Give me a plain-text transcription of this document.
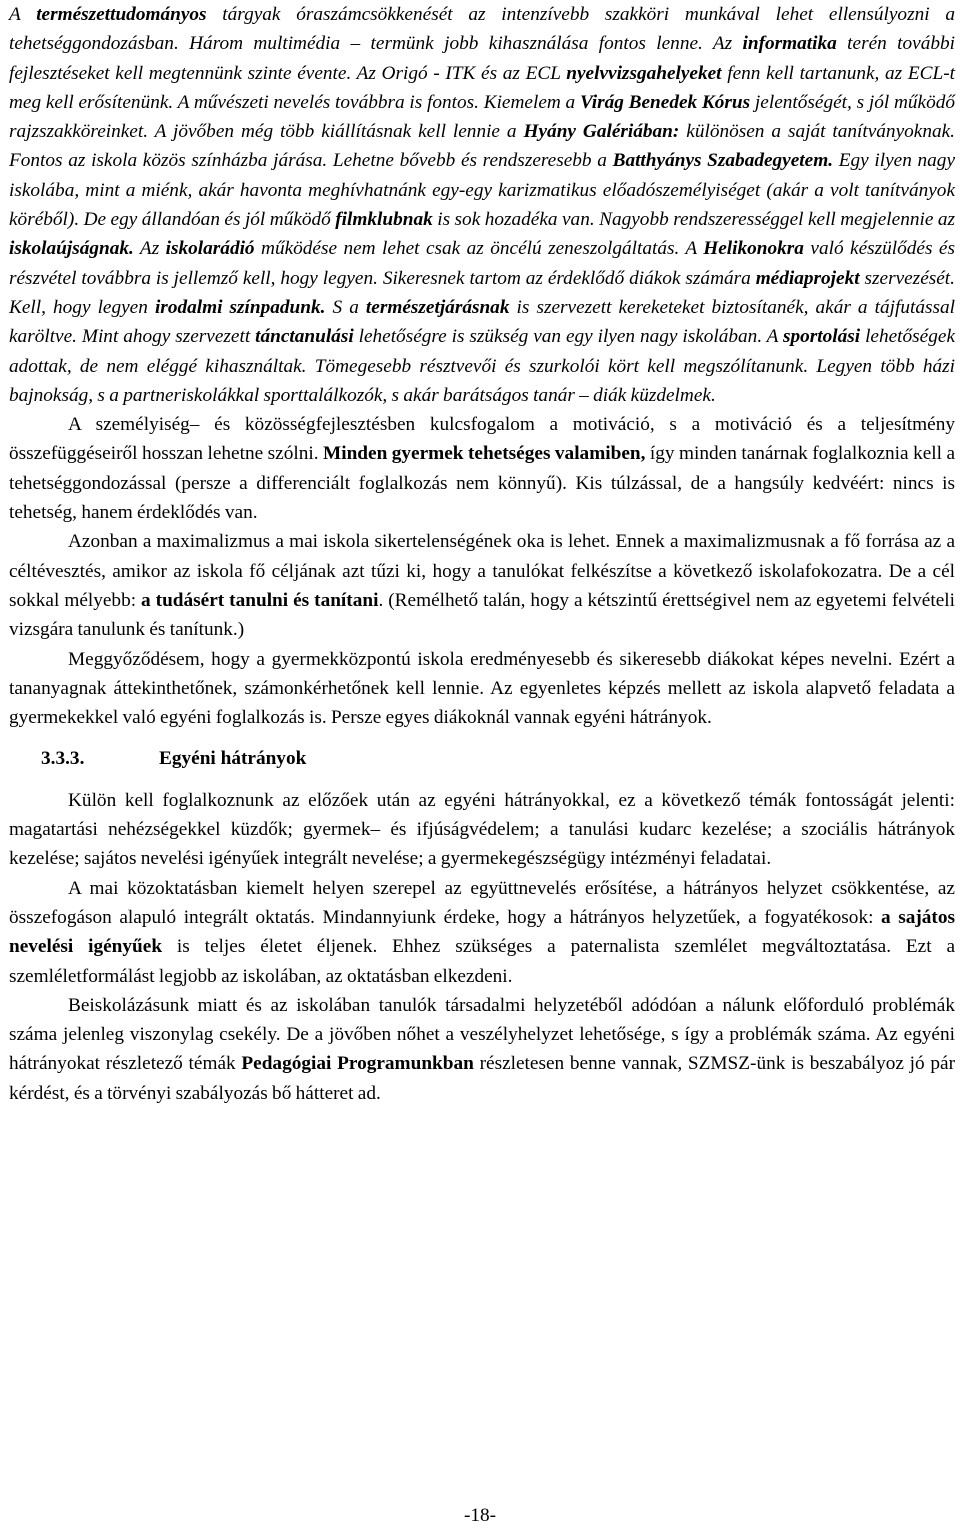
A természettudományos tárgyak óraszámcsökkenését az intenzívebb szakköri munkával lehet ellensúlyozni a tehetséggondozásban. Három multimédia – termünk jobb kihasználása fontos lenne. Az informatika terén további fejlesztéseket kell megtennünk szinte évente. Az Origó - ITK és az ECL nyelvvizsgahelyeket fenn kell tartanunk, az ECL-t meg kell erősítenünk. A művészeti nevelés továbbra is fontos. Kiemelem a Virág Benedek Kórus jelentőségét, s jól működő rajzszakköreinket. A jövőben még több kiállításnak kell lennie a Hyány Galériában: különösen a saját tanítványoknak. Fontos az iskola közös színházba járása. Lehetne bővebb és rendszeresebb a Batthyánys Szabadegyetem. Egy ilyen nagy iskolába, mint a miénk, akár havonta meghívhatnánk egy-egy karizmatikus előadószemélyiséget (akár a volt tanítványok köréből). De egy állandóan és jól működő filmklubnak is sok hozadéka van. Nagyobb rendszerességgel kell megjelennie az iskolaújságnak. Az iskolarádió működése nem lehet csak az öncélú zeneszolgáltatás. A Helikonokra való készülődés és részvétel továbbra is jellemző kell, hogy legyen. Sikeresnek tartom az érdeklődő diákok számára médiaprojekt szervezését. Kell, hogy legyen irodalmi színpadunk. S a természetjárásnak is szervezett kereketeket biztosítanék, akár a tájfutással karöltve. Mint ahogy szervezett tánctanulási lehetőségre is szükség van egy ilyen nagy iskolában. A sportolási lehetőségek adottak, de nem eléggé kihasználtak. Tömegesebb résztvevői és szurkolói kört kell megszólítanunk. Legyen több házi bajnokság, s a partneriskolákkal sporttalálkozók, s akár barátságos tanár – diák küzdelmek.

A személyiség– és közösségfejlesztésben kulcsfogalom a motiváció, s a motiváció és a teljesítmény összefüggéseiről hosszan lehetne szólni. Minden gyermek tehetséges valamiben, így minden tanárnak foglalkoznia kell a tehetséggondozással (persze a differenciált foglalkozás nem könnyű). Kis túlzással, de a hangsúly kedvéért: nincs is tehetség, hanem érdeklődés van.

Azonban a maximalizmus a mai iskola sikertelenségének oka is lehet. Ennek a maximalizmusnak a fő forrása az a céltévesztés, amikor az iskola fő céljának azt tűzi ki, hogy a tanulókat felkészítse a következő iskolafokozatra. De a cél sokkal mélyebb: a tudásért tanulni és tanítani. (Remélhető talán, hogy a kétszintű érettségivel nem az egyetemi felvételi vizsgára tanulunk és tanítunk.)

Meggyőződésem, hogy a gyermekközpontú iskola eredményesebb és sikeresebb diákokat képes nevelni. Ezért a tananyagnak áttekinthetőnek, számonkérhetőnek kell lennie. Az egyenletes képzés mellett az iskola alapvető feladata a gyermekekkel való egyéni foglalkozás is. Persze egyes diákoknál vannak egyéni hátrányok.

3.3.3.	Egyéni hátrányok

Külön kell foglalkoznunk az előzőek után az egyéni hátrányokkal, ez a következő témák fontosságát jelenti: magatartási nehézségekkel küzdők; gyermek– és ifjúságvédelem; a tanulási kudarc kezelése; a szociális hátrányok kezelése; sajátos nevelési igényűek integrált nevelése; a gyermekegészségügy intézményi feladatai.

A mai közoktatásban kiemelt helyen szerepel az együttnevelés erősítése, a hátrányos helyzet csökkentése, az összefogáson alapuló integrált oktatás. Mindannyiunk érdeke, hogy a hátrányos helyzetűek, a fogyatékosok: a sajátos nevelési igényűek is teljes életet éljenek. Ehhez szükséges a paternalista szemlélet megváltoztatása. Ezt a szemléletformálást legjobb az iskolában, az oktatásban elkezdeni.

Beiskolázásunk miatt és az iskolában tanulók társadalmi helyzetéből adódóan a nálunk előforduló problémák száma jelenleg viszonylag csekély. De a jövőben nőhet a veszélyhelyzet lehetősége, s így a problémák száma. Az egyéni hátrányokat részletező témák Pedagógiai Programunkban részletesen benne vannak, SZMSZ-ünk is beszabályoz jó pár kérdést, és a törvényi szabályozás bő hátteret ad.

-18-
